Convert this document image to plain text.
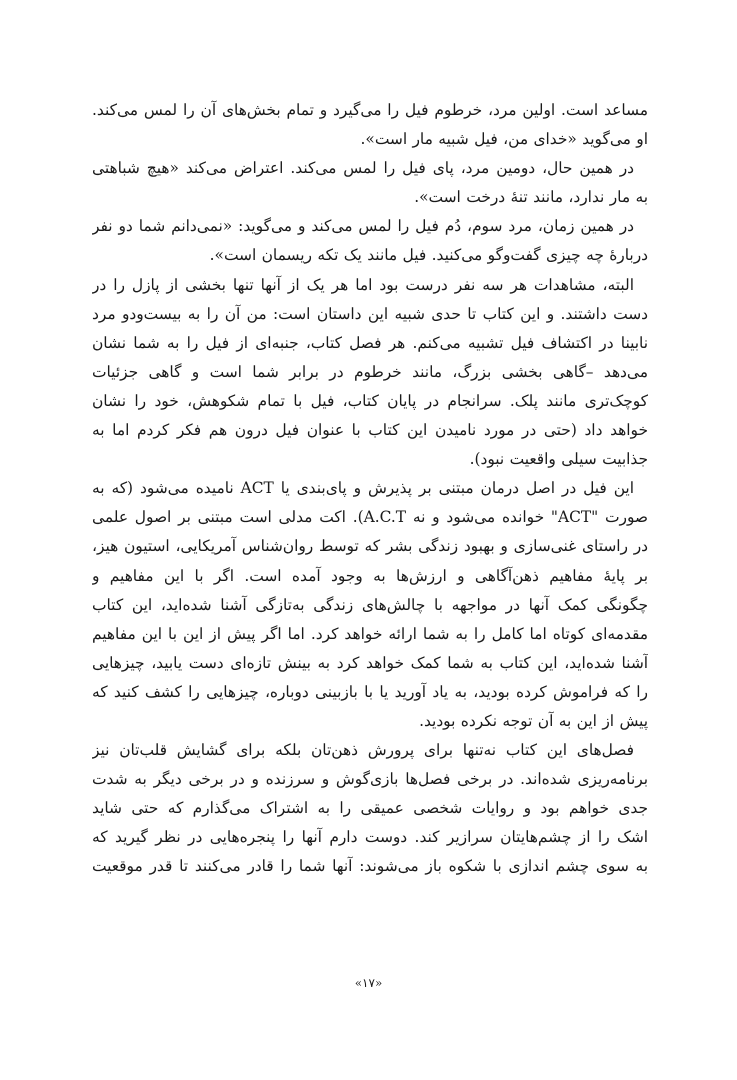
مساعد است. اولین مرد، خرطوم فیل را می‌گیرد و تمام بخش‌های آن را لمس می‌کند.
او می‌گوید «خدای من، فیل شبیه مار است».

در همین حال، دومین مرد، پای فیل را لمس می‌کند. اعتراض می‌کند «هیچ شباهتی
به مار ندارد، مانند تنهٔ درخت است».

در همین زمان، مرد سوم، دُم فیل را لمس می‌کند و می‌گوید: «نمی‌دانم شما دو نفر
دربارهٔ چه چیزی گفت‌وگو می‌کنید. فیل مانند یک تکه ریسمان است».

البته، مشاهدات هر سه نفر درست بود اما هر یک از آنها تنها بخشی از پازل را در
دست داشتند. و این کتاب تا حدی شبیه این داستان است: من آن را به بیست‌ودو مرد
نابینا در اکتشاف فیل تشبیه می‌کنم. هر فصل کتاب، جنبه‌ای از فیل را به شما نشان
می‌دهد –گاهی بخشی بزرگ، مانند خرطوم در برابر شما است و گاهی جزئیات
کوچک‌تری مانند پلک. سرانجام در پایان کتاب، فیل با تمام شکوهش، خود را نشان
خواهد داد (حتی در مورد نامیدن این کتاب با عنوان فیل درون هم فکر کردم اما به
جذابیت سیلی واقعیت نبود).

این فیل در اصل درمان مبتنی بر پذیرش و پای‌بندی یا ACT نامیده می‌شود (که به
صورت "ACT" خوانده می‌شود و نه A.C.T). اکت مدلی است مبتنی بر اصول علمی
در راستای غنی‌سازی و بهبود زندگی بشر که توسط روان‌شناس آمریکایی، استیون هیز،
بر پایهٔ مفاهیم ذهن‌آگاهی و ارزش‌ها به وجود آمده است. اگر با این مفاهیم و
چگونگی کمک آنها در مواجهه با چالش‌های زندگی به‌تازگی آشنا شده‌اید، این کتاب
مقدمه‌ای کوتاه اما کامل را به شما ارائه خواهد کرد. اما اگر پیش از این با این مفاهیم
آشنا شده‌اید، این کتاب به شما کمک خواهد کرد به بینش تازه‌ای دست یابید، چیزهایی
را که فراموش کرده بودید، به یاد آورید یا با بازبینی دوباره، چیزهایی را کشف کنید که
پیش از این به آن توجه نکرده بودید.

فصل‌های این کتاب نه‌تنها برای پرورش ذهن‌تان بلکه برای گشایش قلب‌تان نیز
برنامه‌ریزی شده‌اند. در برخی فصل‌ها بازی‌گوش و سرزنده و در برخی دیگر به شدت
جدی خواهم بود و روایات شخصی عمیقی را به اشتراک می‌گذارم که حتی شاید
اشک را از چشم‌هایتان سرازیر کند. دوست دارم آنها را پنجره‌هایی در نظر گیرید که
به سوی چشم اندازی با شکوه باز می‌شوند: آنها شما را قادر می‌کنند تا قدر موقعیت

«۱۷»
